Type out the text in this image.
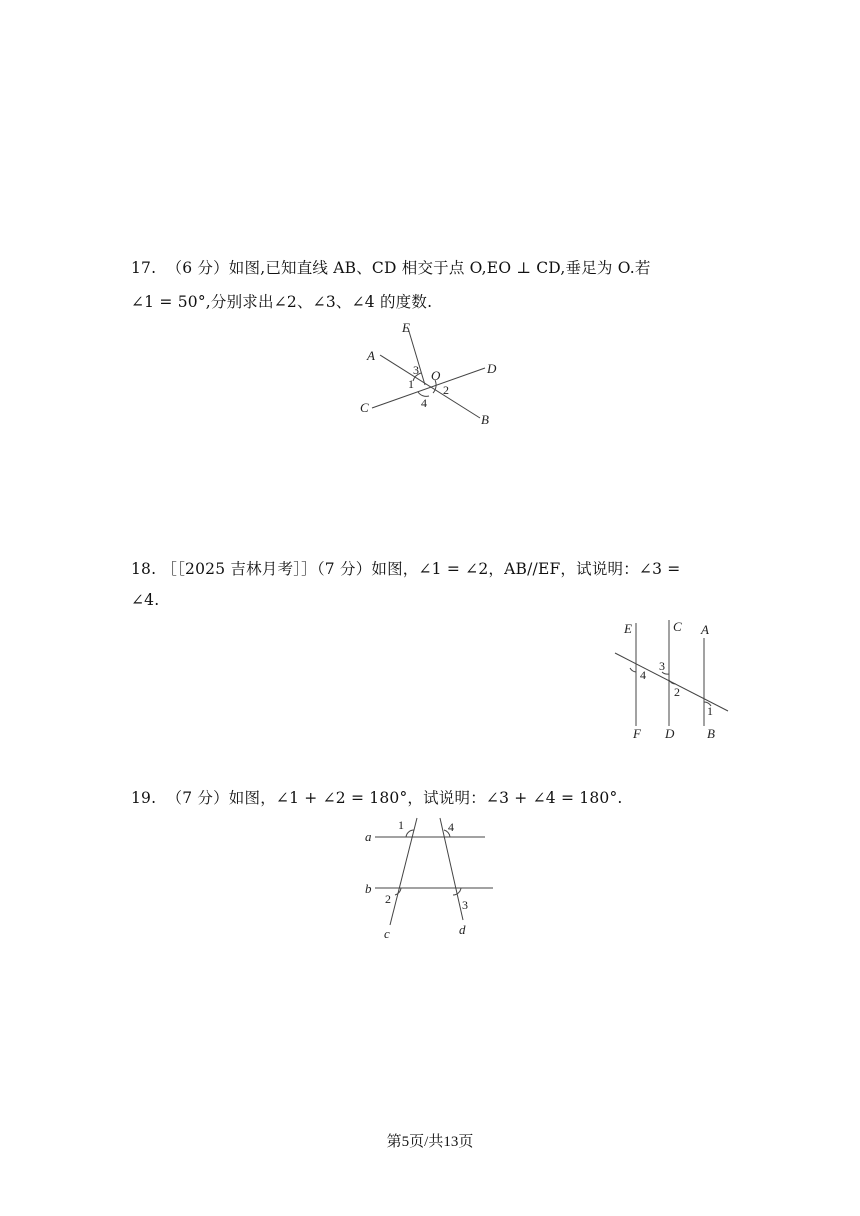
17.  （6 分）如图,已知直线 AB、CD 相交于点 O,EO ⊥ CD,垂足为 O.若
∠1 = 50°,分别求出∠2、∠3、∠4 的度数.
E
A
C
D
B
O
1 2
3
4
18. ［［2025 吉林月考］］（7 分）如图，∠1 = ∠2，AB//EF，试说明：∠3 =
∠4.
E	C A
F D	B
1
2
3
4
19.  （7 分）如图，∠1 + ∠2 = 180°，试说明：∠3 + ∠4 = 180°.
a
b
c	d
1
2	3
4
第5页/共13页
